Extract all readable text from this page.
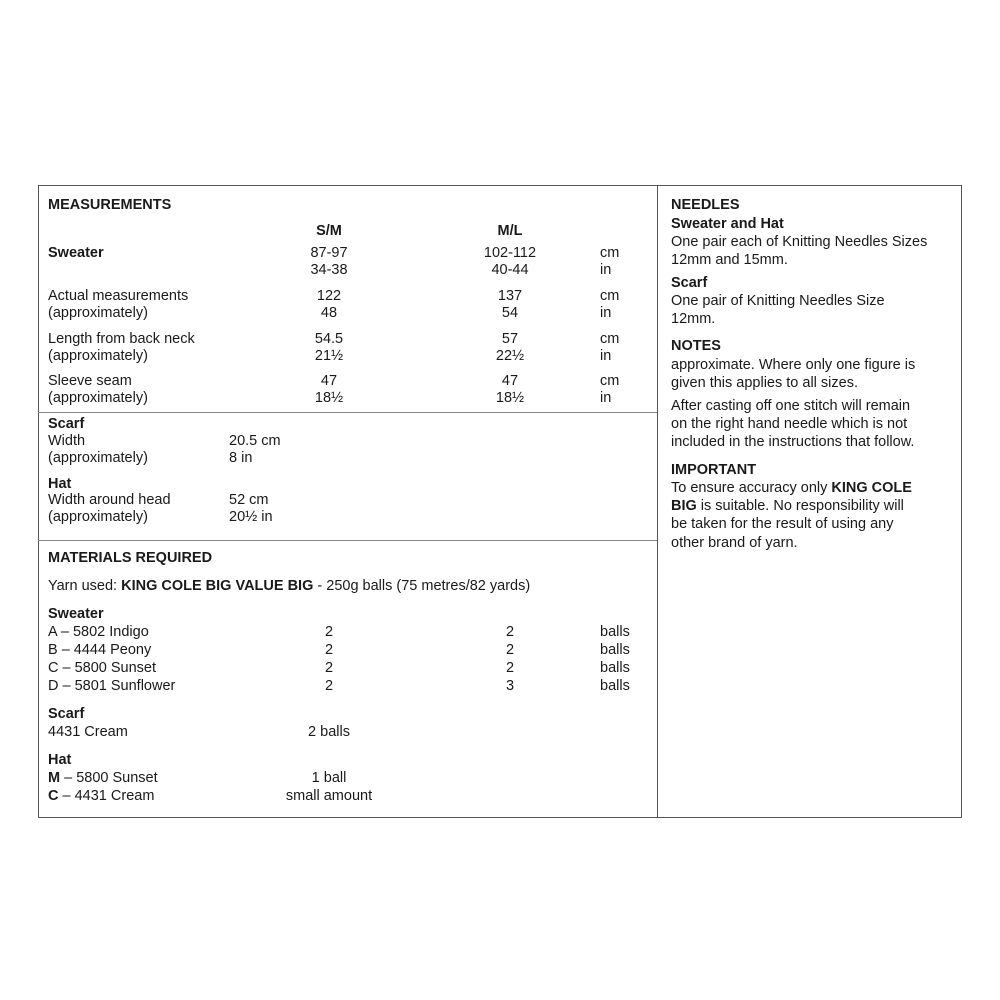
MEASUREMENTS
S/M	M/L
Sweater	87-97	102-112	cm
34-38	40-44	in
Actual measurements
(approximately)
122	137	cm
48	54	in
Length from back neck
(approximately)
54.5	57	cm
21½	22½	in
Sleeve seam
(approximately)
47	47	cm
18½	18½	in
Scarf
Width
(approximately)
20.5 cm
8 in
Hat
Width around head
(approximately)
52 cm
20½ in
MATERIALS REQUIRED
Yarn used: KING COLE BIG VALUE BIG - 250g balls (75 metres/82 yards)
Sweater
A – 5802 Indigo	2	2	balls
B – 4444 Peony	2	2	balls
C – 5800 Sunset	2	2	balls
D – 5801 Sunflower	2	3	balls
Scarf
4431 Cream	2 balls
Hat
M – 5800 Sunset	1 ball
C – 4431 Cream	small amount
NEEDLES
Sweater and Hat
One pair each of Knitting Needles Sizes
12mm and 15mm.
Scarf
One pair of Knitting Needles Size
12mm.
NOTES
approximate. Where only one figure is
given this applies to all sizes.
After casting off one stitch will remain
on the right hand needle which is not
included in the instructions that follow.
IMPORTANT
To ensure accuracy only KING COLE
BIG is suitable. No responsibility will
be taken for the result of using any
other brand of yarn.
